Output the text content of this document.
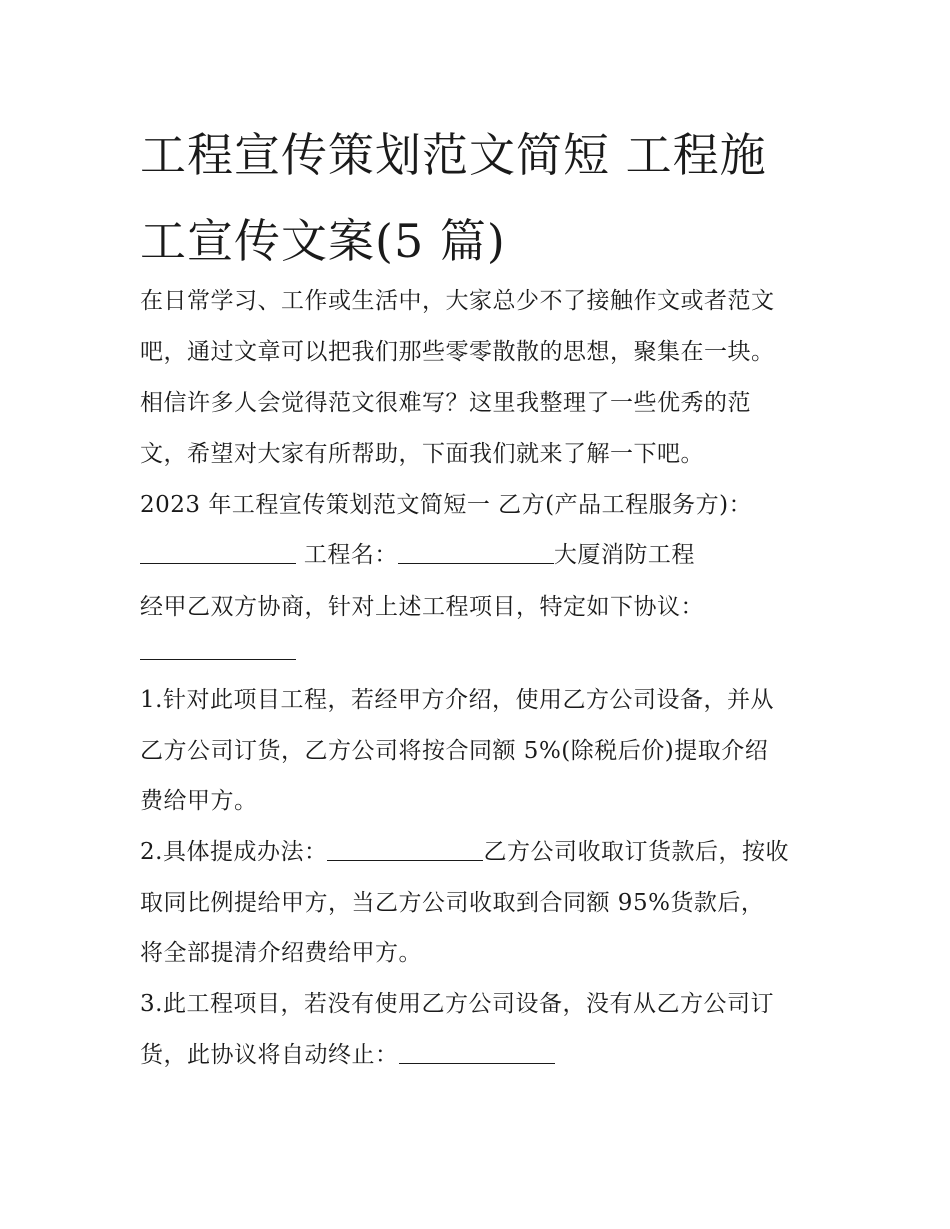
工程宣传策划范文简短 工程施
工宣传文案(5 篇)
在日常学习、工作或生活中，大家总少不了接触作文或者范文
吧，通过文章可以把我们那些零零散散的思想，聚集在一块。
相信许多人会觉得范文很难写？这里我整理了一些优秀的范
文，希望对大家有所帮助，下面我们就来了解一下吧。
2023 年工程宣传策划范文简短一 乙方(产品工程服务方)：
工程名：	大厦消防工程
经甲乙双方协商，针对上述工程项目，特定如下协议：
1.针对此项目工程，若经甲方介绍，使用乙方公司设备，并从
乙方公司订货，乙方公司将按合同额 5%(除税后价)提取介绍
费给甲方。
2.具体提成办法：	乙方公司收取订货款后，按收
取同比例提给甲方，当乙方公司收取到合同额 95%货款后，
将全部提清介绍费给甲方。
3.此工程项目，若没有使用乙方公司设备，没有从乙方公司订
货，此协议将自动终止：
